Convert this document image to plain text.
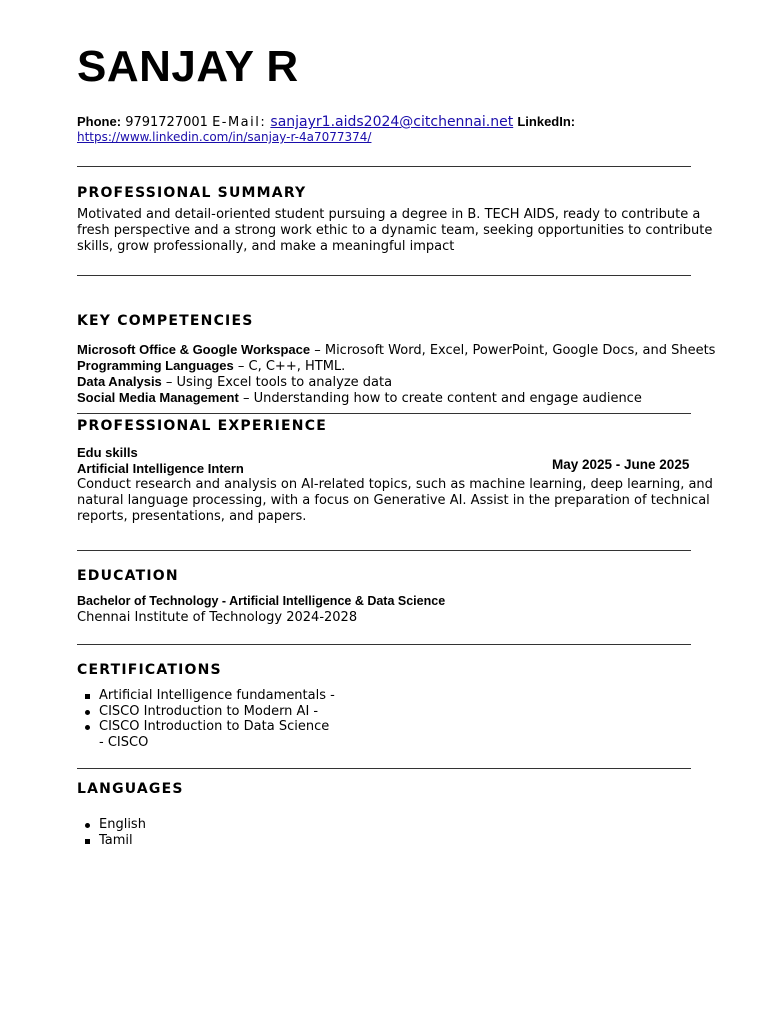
SANJAY R
Phone: 9791727001 E-Mail: sanjayr1.aids2024@citchennai.net LinkedIn:
https://www.linkedin.com/in/sanjay-r-4a7077374/
PROFESSIONAL SUMMARY
Motivated and detail-oriented student pursuing a degree in B. TECH AIDS, ready to contribute a fresh perspective and a strong work ethic to a dynamic team, seeking opportunities to contribute skills, grow professionally, and make a meaningful impact
KEY COMPETENCIES
Microsoft Office & Google Workspace – Microsoft Word, Excel, PowerPoint, Google Docs, and Sheets
Programming Languages – C, C++, HTML.
Data Analysis – Using Excel tools to analyze data
Social Media Management – Understanding how to create content and engage audience
PROFESSIONAL EXPERIENCE
Edu skills
Artificial Intelligence Intern	May 2025 - June 2025
Conduct research and analysis on AI-related topics, such as machine learning, deep learning, and natural language processing, with a focus on Generative AI. Assist in the preparation of technical reports, presentations, and papers.
EDUCATION
Bachelor of Technology - Artificial Intelligence & Data Science
Chennai Institute of Technology 2024-2028
CERTIFICATIONS
Artificial Intelligence fundamentals -
CISCO Introduction to Modern AI -
CISCO Introduction to Data Science
- CISCO
LANGUAGES
English
Tamil
